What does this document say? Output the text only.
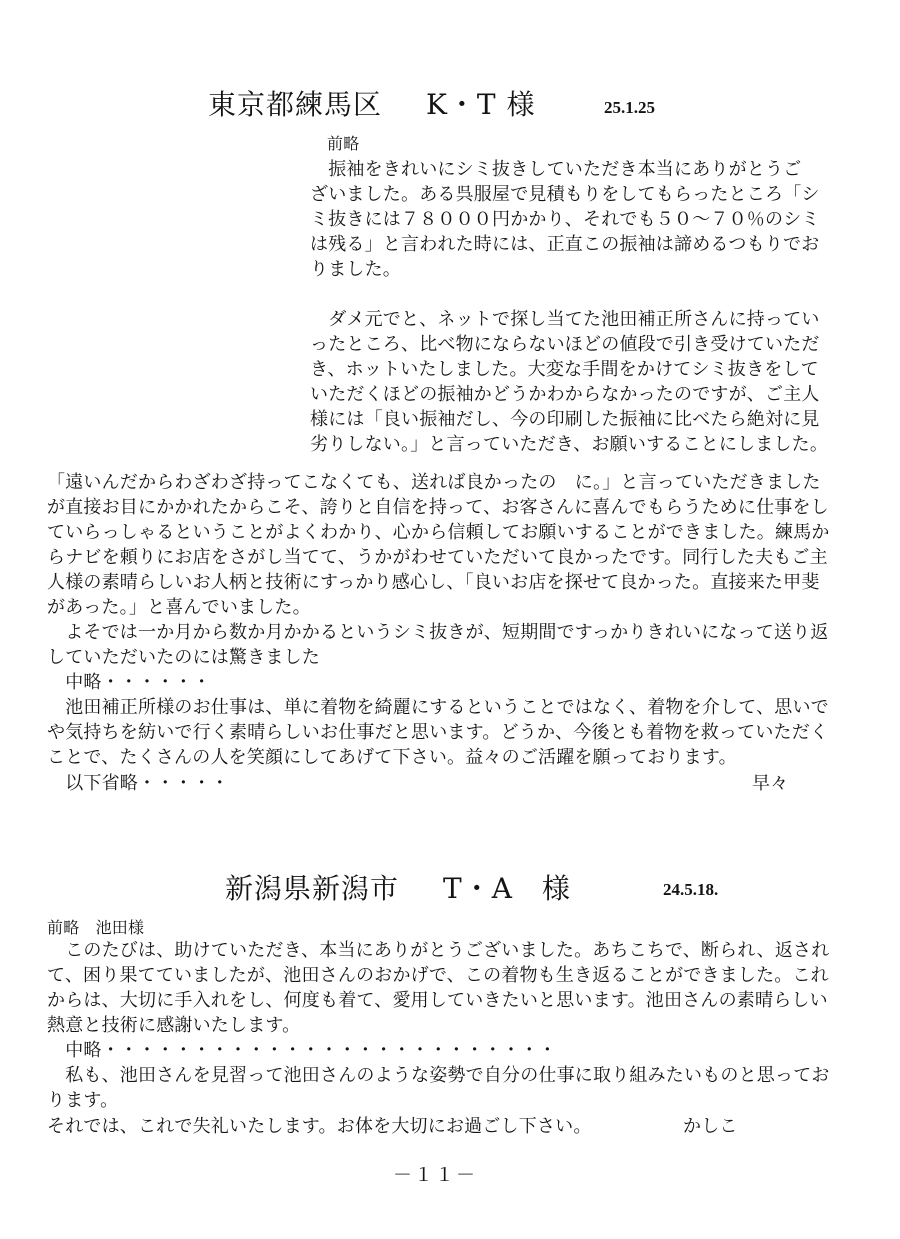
東京都練馬区 K・T 様	25.1.25
前略
　振袖をきれいにシミ抜きしていただき本当にありがとうご
ざいました。ある呉服屋で見積もりをしてもらったところ「シ
ミ抜きには７８０００円かかり、それでも５０～７０％のシミ
は残る」と言われた時には、正直この振袖は諦めるつもりでお
りました。
　ダメ元でと、ネットで探し当てた池田補正所さんに持ってい
ったところ、比べ物にならないほどの値段で引き受けていただ
き、ホットいたしました。大変な手間をかけてシミ抜きをして
いただくほどの振袖かどうかわからなかったのですが、ご主人
様には「良い振袖だし、今の印刷した振袖に比べたら絶対に見
劣りしない。」と言っていただき、お願いすることにしました。
「遠いんだからわざわざ持ってこなくても、送れば良かったの　に。」と言っていただきました
が直接お目にかかれたからこそ、誇りと自信を持って、お客さんに喜んでもらうために仕事をし
ていらっしゃるということがよくわかり、心から信頼してお願いすることができました。練馬か
らナビを頼りにお店をさがし当てて、うかがわせていただいて良かったです。同行した夫もご主
人様の素晴らしいお人柄と技術にすっかり感心し、「良いお店を探せて良かった。直接来た甲斐
があった。」と喜んでいました。
　よそでは一か月から数か月かかるというシミ抜きが、短期間ですっかりきれいになって送り返
していただいたのには驚きました
　中略・・・・・・
　池田補正所様のお仕事は、単に着物を綺麗にするということではなく、着物を介して、思いで
や気持ちを紡いで行く素晴らしいお仕事だと思います。どうか、今後とも着物を救っていただく
ことで、たくさんの人を笑顔にしてあげて下さい。益々のご活躍を願っております。
　以下省略・・・・・	早々
新潟県新潟市 T・A　様	24.5.18.
前略　池田様
　このたびは、助けていただき、本当にありがとうございました。あちこちで、断られ、返され
て、困り果てていましたが、池田さんのおかげで、この着物も生き返ることができました。これ
からは、大切に手入れをし、何度も着て、愛用していきたいと思います。池田さんの素晴らしい
熱意と技術に感謝いたします。
　中略・・・・・・・・・・・・・・・・・・・・・・・・・
　私も、池田さんを見習って池田さんのような姿勢で自分の仕事に取り組みたいものと思ってお
ります。
それでは、これで失礼いたします。お体を大切にお過ごし下さい。	かしこ
－１１－
